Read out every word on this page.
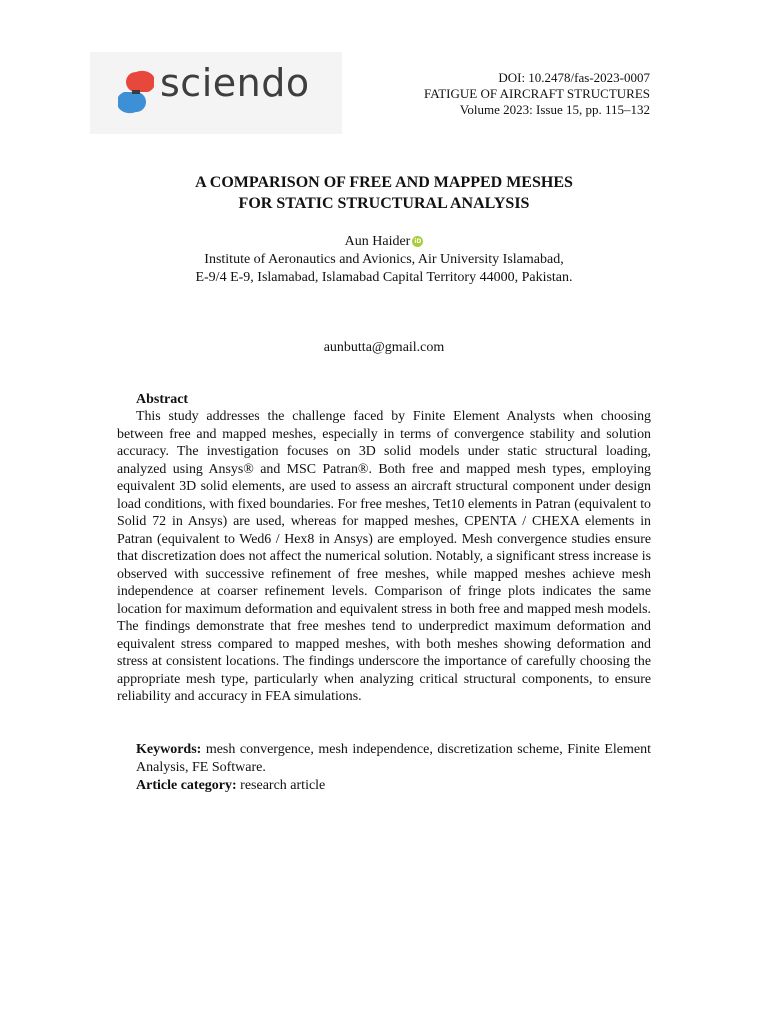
sciendo	DOI: 10.2478/fas-2023-0007
FATIGUE OF AIRCRAFT STRUCTURES
Volume 2023: Issue 15, pp. 115–132
A COMPARISON OF FREE AND MAPPED MESHES
FOR STATIC STRUCTURAL ANALYSIS
Aun Haider iD
Institute of Aeronautics and Avionics, Air University Islamabad,
E-9/4 E-9, Islamabad, Islamabad Capital Territory 44000, Pakistan.
aunbutta@gmail.com
Abstract

This study addresses the challenge faced by Finite Element Analysts when choosing between free and mapped meshes, especially in terms of convergence stability and solution accuracy. The investigation focuses on 3D solid models under static structural loading, analyzed using Ansys® and MSC Patran®. Both free and mapped mesh types, employing equivalent 3D solid elements, are used to assess an aircraft structural component under design load conditions, with fixed boundaries. For free meshes, Tet10 elements in Patran (equivalent to Solid 72 in Ansys) are used, whereas for mapped meshes, CPENTA / CHEXA elements in Patran (equivalent to Wed6 / Hex8 in Ansys) are employed. Mesh convergence studies ensure that discretization does not affect the numerical solution. Notably, a significant stress increase is observed with successive refinement of free meshes, while mapped meshes achieve mesh independence at coarser refinement levels. Comparison of fringe plots indicates the same location for maximum deformation and equivalent stress in both free and mapped mesh models. The findings demonstrate that free meshes tend to underpredict maximum deformation and equivalent stress compared to mapped meshes, with both meshes showing deformation and stress at consistent locations. The findings underscore the importance of carefully choosing the appropriate mesh type, particularly when analyzing critical structural components, to ensure reliability and accuracy in FEA simulations.

Keywords: mesh convergence, mesh independence, discretization scheme, Finite Element Analysis, FE Software.

Article category: research article
